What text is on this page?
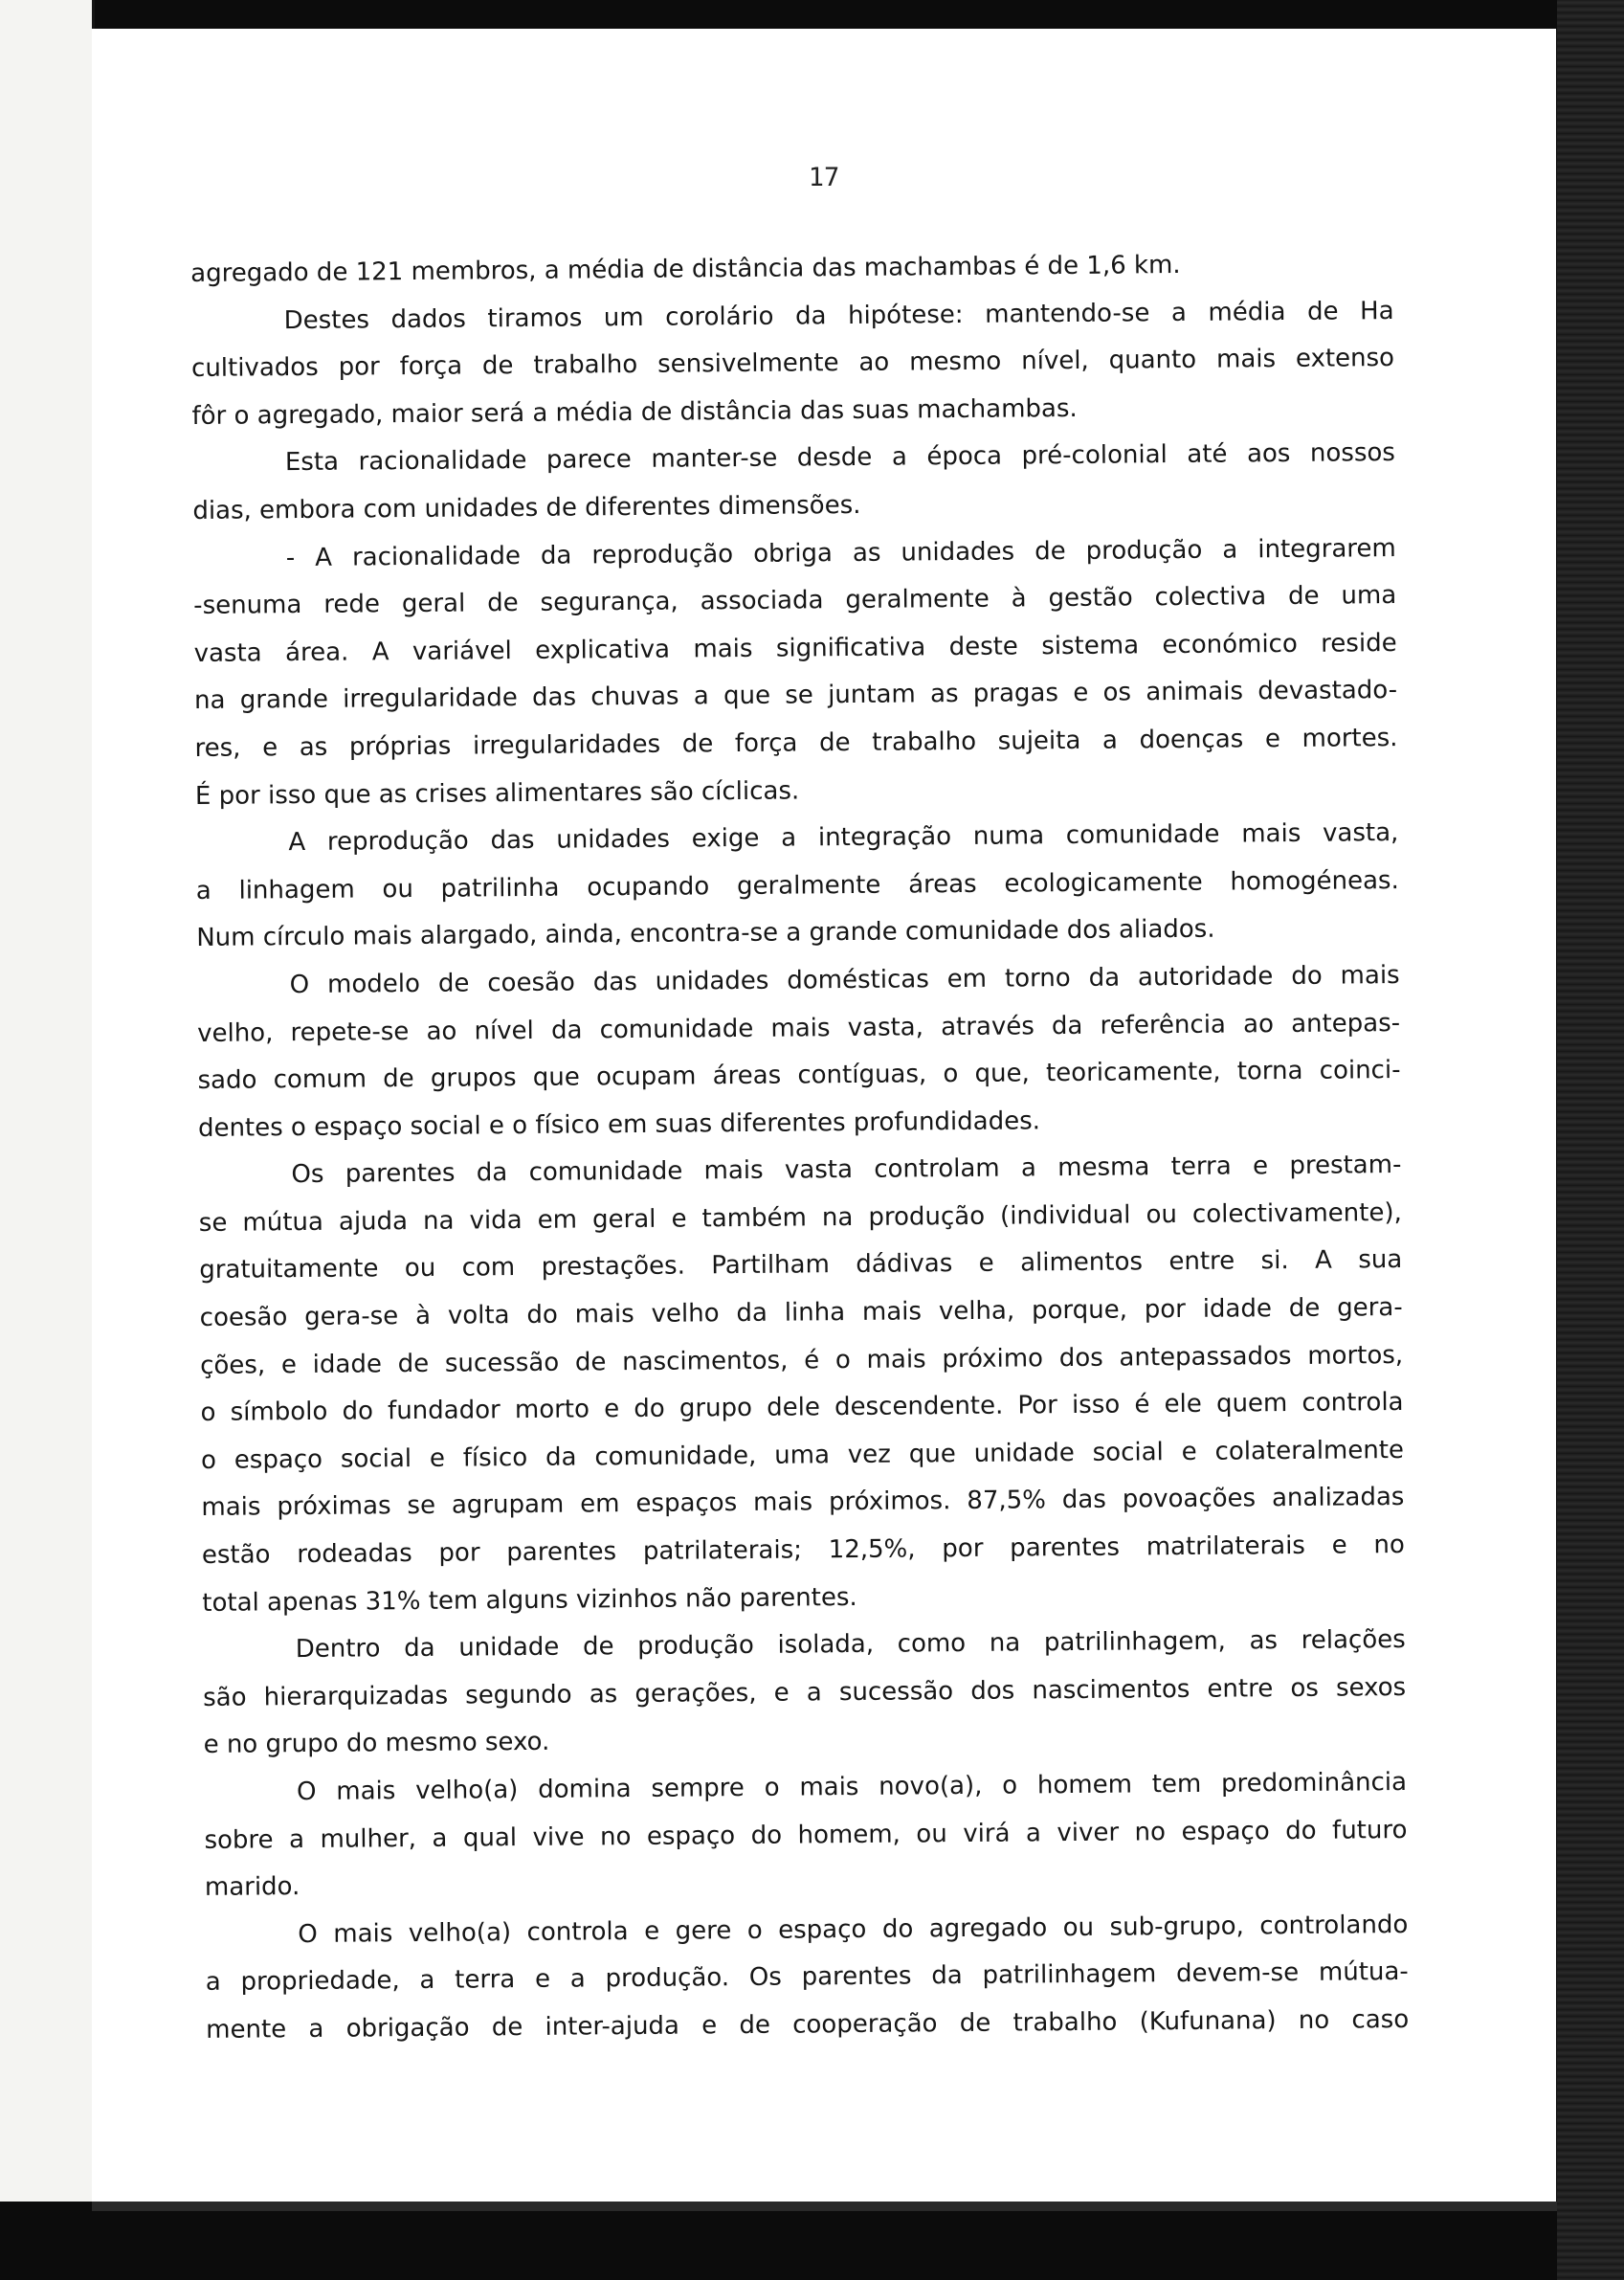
17
agregado de 121 membros, a média de distância das machambas é de 1,6 km.
Destes dados tiramos um corolário da hipótese: mantendo-se a média de Ha
cultivados por força de trabalho sensivelmente ao mesmo nível, quanto mais extenso
fôr o agregado, maior será a média de distância das suas machambas.
Esta racionalidade parece manter-se desde a época pré-colonial até aos nossos
dias, embora com unidades de diferentes dimensões.
- A racionalidade da reprodução obriga as unidades de produção a integrarem
-senuma rede geral de segurança, associada geralmente à gestão colectiva de uma
vasta área. A variável explicativa mais significativa deste sistema económico reside
na grande irregularidade das chuvas a que se juntam as pragas e os animais devastado-
res, e as próprias irregularidades de força de trabalho sujeita a doenças e mortes.
É por isso que as crises alimentares são cíclicas.
A reprodução das unidades exige a integração numa comunidade mais vasta,
a linhagem ou patrilinha ocupando geralmente áreas ecologicamente homogéneas.
Num círculo mais alargado, ainda, encontra-se a grande comunidade dos aliados.
O modelo de coesão das unidades domésticas em torno da autoridade do mais
velho, repete-se ao nível da comunidade mais vasta, através da referência ao antepas-
sado comum de grupos que ocupam áreas contíguas, o que, teoricamente, torna coinci-
dentes o espaço social e o físico em suas diferentes profundidades.
Os parentes da comunidade mais vasta controlam a mesma terra e prestam-
se mútua ajuda na vida em geral e também na produção (individual ou colectivamente),
gratuitamente ou com prestações. Partilham dádivas e alimentos entre si. A sua
coesão gera-se à volta do mais velho da linha mais velha, porque, por idade de gera-
ções, e idade de sucessão de nascimentos, é o mais próximo dos antepassados mortos,
o símbolo do fundador morto e do grupo dele descendente. Por isso é ele quem controla
o espaço social e físico da comunidade, uma vez que unidade social e colateralmente
mais próximas se agrupam em espaços mais próximos. 87,5% das povoações analizadas
estão rodeadas por parentes patrilaterais; 12,5%, por parentes matrilaterais e no
total apenas 31% tem alguns vizinhos não parentes.
Dentro da unidade de produção isolada, como na patrilinhagem, as relações
são hierarquizadas segundo as gerações, e a sucessão dos nascimentos entre os sexos
e no grupo do mesmo sexo.
O mais velho(a) domina sempre o mais novo(a), o homem tem predominância
sobre a mulher, a qual vive no espaço do homem, ou virá a viver no espaço do futuro
marido.
O mais velho(a) controla e gere o espaço do agregado ou sub-grupo, controlando
a propriedade, a terra e a produção. Os parentes da patrilinhagem devem-se mútua-
mente a obrigação de inter-ajuda e de cooperação de trabalho (Kufunana) no caso
